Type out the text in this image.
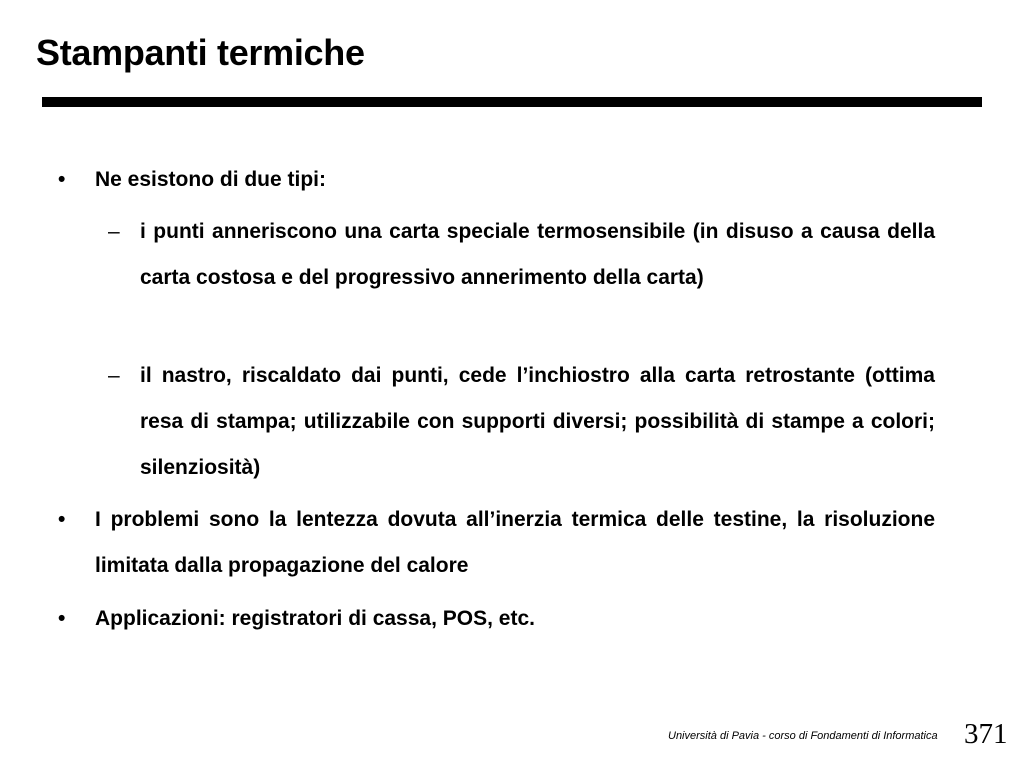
Stampanti termiche
• Ne esistono di due tipi:
– i punti anneriscono una carta speciale termosensibile (in disuso a causa della carta costosa e del progressivo annerimento della carta)
– il nastro, riscaldato dai punti, cede l’inchiostro alla carta retrostante (ottima resa di stampa; utilizzabile con supporti diversi; possibilità di stampe a colori; silenziosità)
• I problemi sono la lentezza dovuta all’inerzia termica delle testine, la risoluzione limitata dalla propagazione del calore
• Applicazioni: registratori di cassa, POS, etc.
Università di Pavia - corso di Fondamenti di Informatica 371
